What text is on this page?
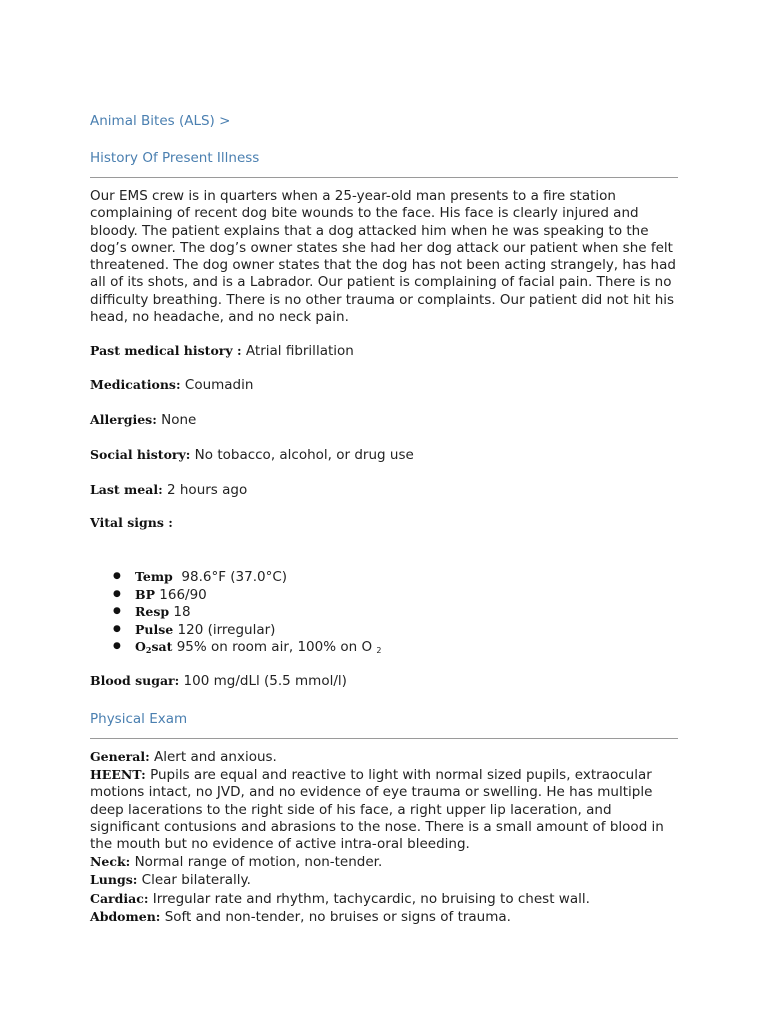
Animal Bites (ALS) >
History Of Present Illness
Our EMS crew is in quarters when a 25-year-old man presents to a fire station complaining of recent dog bite wounds to the face. His face is clearly injured and bloody. The patient explains that a dog attacked him when he was speaking to the dog’s owner. The dog’s owner states she had her dog attack our patient when she felt threatened. The dog owner states that the dog has not been acting strangely, has had all of its shots, and is a Labrador. Our patient is complaining of facial pain. There is no difficulty breathing. There is no other trauma or complaints. Our patient did not hit his head, no headache, and no neck pain.
Past medical history : Atrial fibrillation
Medications: Coumadin
Allergies: None
Social history: No tobacco, alcohol, or drug use
Last meal: 2 hours ago
Vital signs :
● Temp 98.6°F (37.0°C)
● BP 166/90
● Resp 18
● Pulse 120 (irregular)
● $O_2sat$ 95% on room air, 100% on O $_2$
Blood sugar: 100 mg/dLl (5.5 mmol/l)
Physical Exam
General: Alert and anxious.
HEENT: Pupils are equal and reactive to light with normal sized pupils, extraocular motions intact, no JVD, and no evidence of eye trauma or swelling. He has multiple deep lacerations to the right side of his face, a right upper lip laceration, and significant contusions and abrasions to the nose. There is a small amount of blood in the mouth but no evidence of active intra-oral bleeding.
Neck: Normal range of motion, non-tender.
Lungs: Clear bilaterally.
Cardiac: Irregular rate and rhythm, tachycardic, no bruising to chest wall.
Abdomen: Soft and non-tender, no bruises or signs of trauma.
